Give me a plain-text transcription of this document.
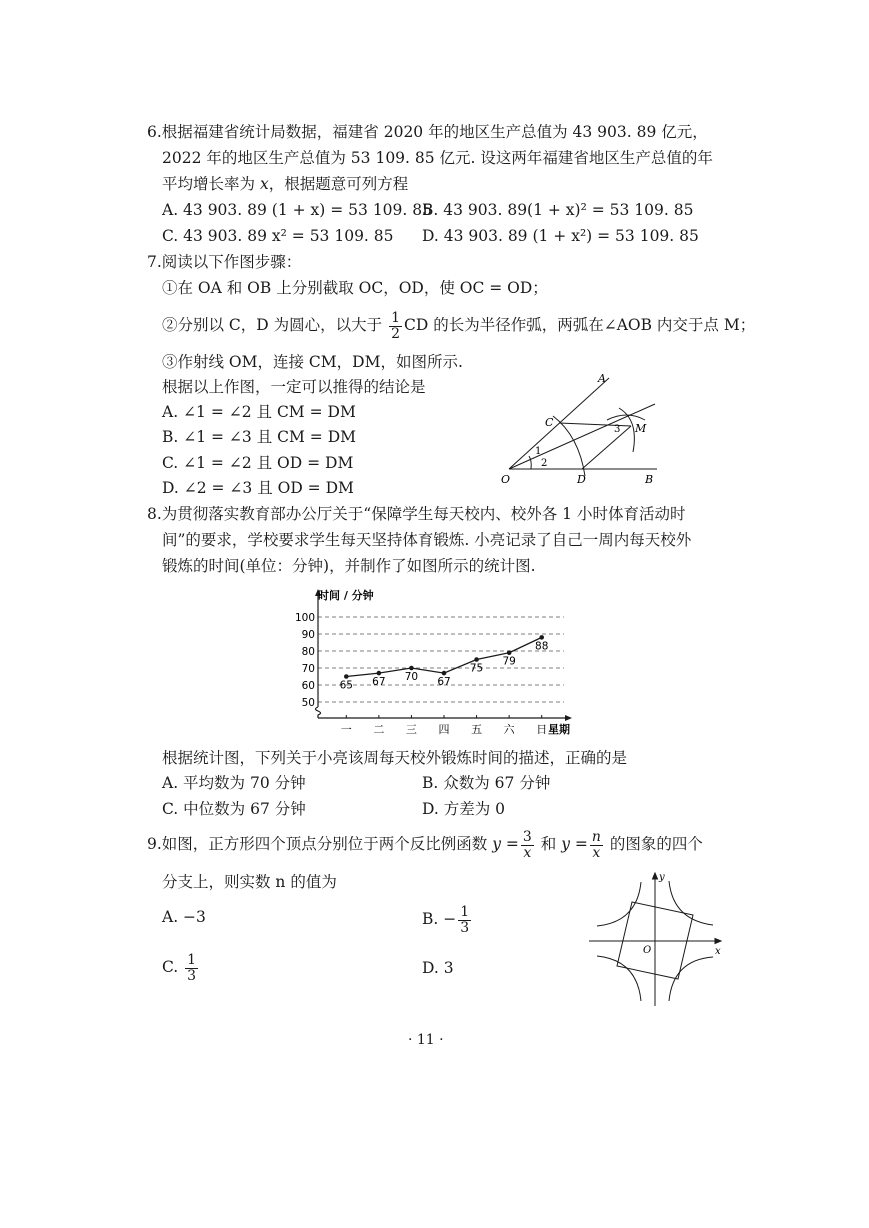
6.根据福建省统计局数据，福建省 2020 年的地区生产总值为 43 903. 89 亿元，
2022 年的地区生产总值为 53 109. 85 亿元. 设这两年福建省地区生产总值的年
平均增长率为 x，根据题意可列方程
A. 43 903. 89 (1 + x) = 53 109. 85
B. 43 903. 89(1 + x)² = 53 109. 85
C. 43 903. 89 x² = 53 109. 85 D. 43 903. 89 (1 + x²) = 53 109. 85
7.阅读以下作图步骤：
①在 OA 和 OB 上分别截取 OC，OD，使 OC = OD；
②分别以 C，D 为圆心，以大于 $\frac{1}{2}$ CD 的长为半径作弧，两弧在∠AOB 内交于点 M；
③作射线 OM，连接 CM，DM，如图所示.
根据以上作图，一定可以推得的结论是
A. ∠1 = ∠2 且 CM = DM
B. ∠1 = ∠3 且 CM = DM
C. ∠1 = ∠2 且 OD = DM
D. ∠2 = ∠3 且 OD = DM
A
C	M
O	D	B
1
2
3
8.为贯彻落实教育部办公厅关于“保障学生每天校内、校外各 1 小时体育活动时
间”的要求，学校要求学生每天坚持体育锻炼. 小亮记录了自己一周内每天校外
锻炼的时间(单位：分钟)，并制作了如图所示的统计图.
50
60
70
80
90
100
65 67 70 67
75
79
88
一 二 三 四 五 六 日
时间 / 分钟
星期
根据统计图，下列关于小亮该周每天校外锻炼时间的描述，正确的是
A. 平均数为 70 分钟	B. 众数为 67 分钟
C. 中位数为 67 分钟	D. 方差为 0
9.如图，正方形四个顶点分别位于两个反比例函数 $y = \frac{3}{x}$ 和 $y = \frac{n}{x}$ 的图象的四个
分支上，则实数 n 的值为
A. −3	B. − $\frac{1}{3}$
C. $\frac{1}{3}$	D. 3
y
x
O
· 11 ·
